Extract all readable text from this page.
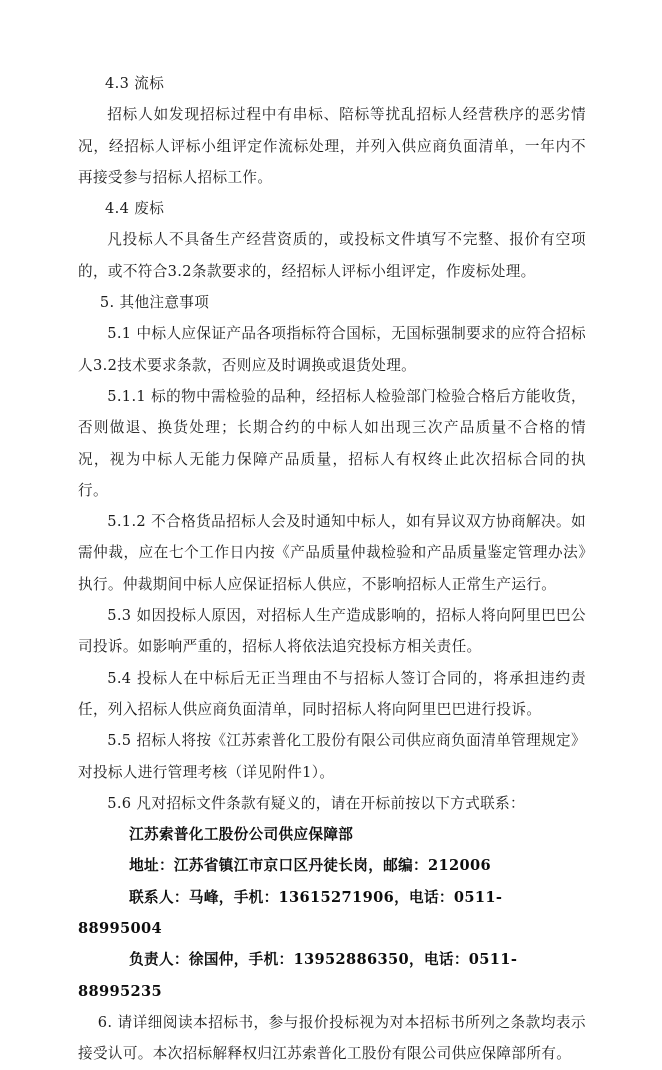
4.3 流标

招标人如发现招标过程中有串标、陪标等扰乱招标人经营秩序的恶劣情况，经招标人评标小组评定作流标处理，并列入供应商负面清单，一年内不再接受参与招标人招标工作。

4.4 废标

凡投标人不具备生产经营资质的，或投标文件填写不完整、报价有空项的，或不符合3.2条款要求的，经招标人评标小组评定，作废标处理。

5. 其他注意事项

5.1 中标人应保证产品各项指标符合国标，无国标强制要求的应符合招标人3.2技术要求条款，否则应及时调换或退货处理。

5.1.1 标的物中需检验的品种，经招标人检验部门检验合格后方能收货，否则做退、换货处理；长期合约的中标人如出现三次产品质量不合格的情况，视为中标人无能力保障产品质量，招标人有权终止此次招标合同的执行。

5.1.2 不合格货品招标人会及时通知中标人，如有异议双方协商解决。如需仲裁，应在七个工作日内按《产品质量仲裁检验和产品质量鉴定管理办法》执行。仲裁期间中标人应保证招标人供应，不影响招标人正常生产运行。

5.3 如因投标人原因，对招标人生产造成影响的，招标人将向阿里巴巴公司投诉。如影响严重的，招标人将依法追究投标方相关责任。

5.4 投标人在中标后无正当理由不与招标人签订合同的，将承担违约责任，列入招标人供应商负面清单，同时招标人将向阿里巴巴进行投诉。

5.5 招标人将按《江苏索普化工股份有限公司供应商负面清单管理规定》对投标人进行管理考核（详见附件1）。

5.6 凡对招标文件条款有疑义的，请在开标前按以下方式联系：

江苏索普化工股份公司供应保障部

地址：江苏省镇江市京口区丹徒长岗，邮编：212006

联系人：马峰，手机：13615271906，电话：0511-88995004

负责人：徐国仲，手机：13952886350，电话：0511-88995235

6. 请详细阅读本招标书，参与报价投标视为对本招标书所列之条款均表示接受认可。本次招标解释权归江苏索普化工股份有限公司供应保障部所有。
